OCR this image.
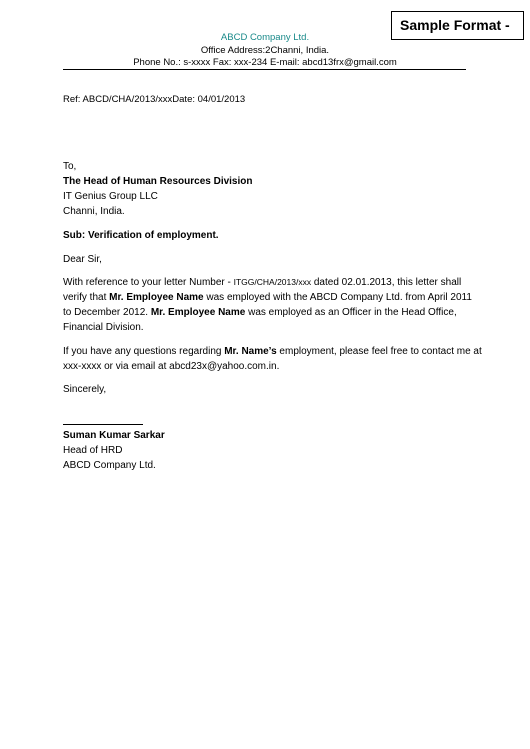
Sample Format -
ABCD Company Ltd.
Office Address:2Channi, India.
Phone No.: s-xxxx Fax: xxx-234 E-mail: abcd13frx@gmail.com
Ref: ABCD/CHA/2013/xxxDate: 04/01/2013
To,
The Head of Human Resources Division
IT Genius Group LLC
Channi, India.
Sub: Verification of employment.
Dear Sir,
With reference to your letter Number - ITGG/CHA/2013/xxx dated 02.01.2013, this letter shall verify that Mr. Employee Name was employed with the ABCD Company Ltd. from April 2011 to December 2012. Mr. Employee Name was employed as an Officer in the Head Office, Financial Division.
If you have any questions regarding Mr. Name’s employment, please feel free to contact me at xxx-xxxx or via email at abcd23x@yahoo.com.in.
Sincerely,
Suman Kumar Sarkar
Head of HRD
ABCD Company Ltd.
